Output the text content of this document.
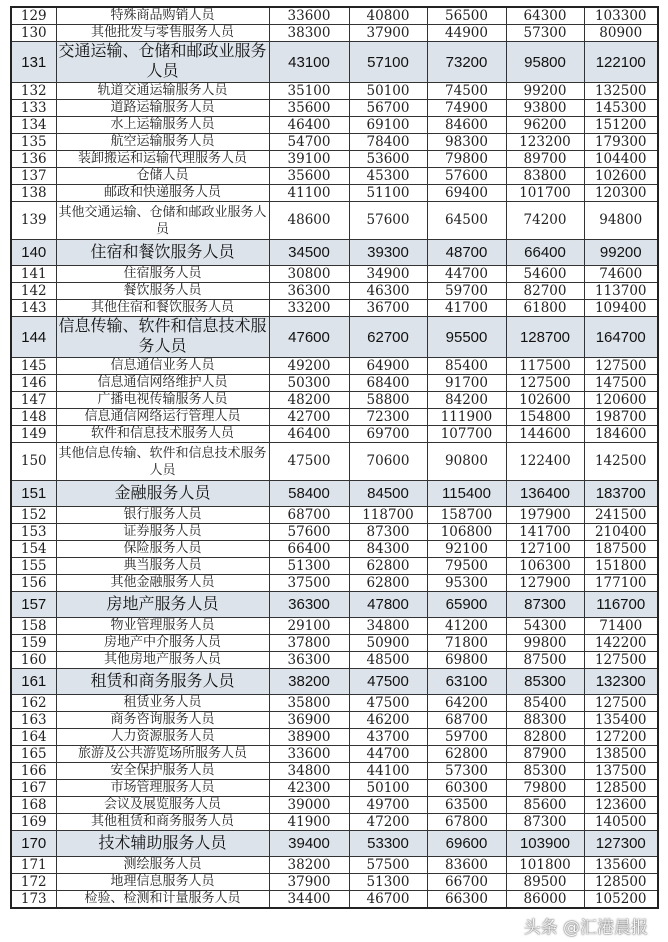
129	特殊商品购销人员	33600	40800	56500	64300	103300
130	其他批发与零售服务人员	38300	37900	44900	57300	80900
131	交通运输、仓储和邮政业服务人员	43100	57100	73200	95800	122100
132	轨道交通运输服务人员	35100	50100	74500	99200	132500
133	道路运输服务人员	35600	56700	74900	93800	145300
134	水上运输服务人员	46400	69100	84600	96200	151200
135	航空运输服务人员	54700	78400	98300	123200	179300
136	装卸搬运和运输代理服务人员	39100	53600	79800	89700	104400
137	仓储人员	35600	45300	57600	83800	102600
138	邮政和快递服务人员	41100	51100	69400	101700	120300
139	其他交通运输、仓储和邮政业服务人员	48600	57600	64500	74200	94800
140	住宿和餐饮服务人员	34500	39300	48700	66400	99200
141	住宿服务人员	30800	34900	44700	54600	74600
142	餐饮服务人员	36300	46300	59700	82700	113700
143	其他住宿和餐饮服务人员	33200	36700	41700	61800	109400
144	信息传输、软件和信息技术服务人员	47600	62700	95500	128700	164700
145	信息通信业务人员	49200	64900	85400	117500	127500
146	信息通信网络维护人员	50300	68400	91700	127500	147500
147	广播电视传输服务人员	48200	58800	84200	102600	120600
148	信息通信网络运行管理人员	42700	72300	111900	154800	198700
149	软件和信息技术服务人员	46400	69700	107700	144600	184600
150	其他信息传输、软件和信息技术服务人员	47500	70600	90800	122400	142500
151	金融服务人员	58400	84500	115400	136400	183700
152	银行服务人员	68700	118700	158700	197900	241500
153	证券服务人员	57600	87300	106800	141700	210400
154	保险服务人员	66400	84300	92100	127100	187500
155	典当服务人员	51300	62800	79500	106300	151800
156	其他金融服务人员	37500	62800	95300	127900	177100
157	房地产服务人员	36300	47800	65900	87300	116700
158	物业管理服务人员	29100	34800	41200	54300	71400
159	房地产中介服务人员	37800	50900	71800	99800	142200
160	其他房地产服务人员	36300	48500	69800	87500	127500
161	租赁和商务服务人员	38200	47500	63100	85300	132300
162	租赁业务人员	35800	47500	64200	85400	127500
163	商务咨询服务人员	36900	46200	68700	88300	135400
164	人力资源服务人员	38900	43700	59700	82800	127200
165	旅游及公共游览场所服务人员	33600	44700	62800	87900	138500
166	安全保护服务人员	34800	44100	57300	85300	137500
167	市场管理服务人员	42300	50100	60300	79800	128500
168	会议及展览服务人员	39000	49700	63500	85600	123600
169	其他租赁和商务服务人员	41900	47200	67800	87300	140500
170	技术辅助服务人员	39400	53300	69600	103900	127300
171	测绘服务人员	38200	57500	83600	101800	135600
172	地理信息服务人员	37900	51300	66700	89500	128500
173	检验、检测和计量服务人员	34400	46700	66300	86000	105200
头条 @汇港晨报
